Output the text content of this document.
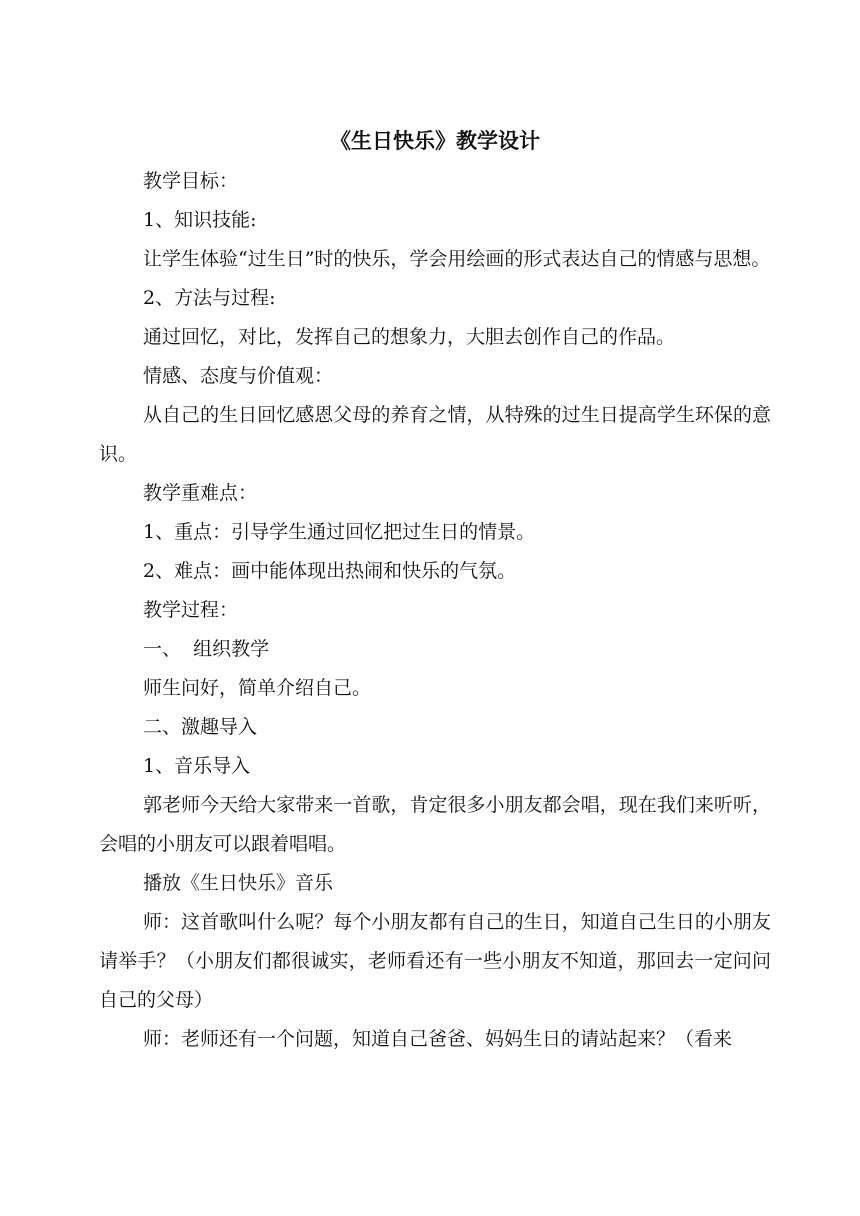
《生日快乐》教学设计

教学目标：

1、知识技能:

让学生体验“过生日”时的快乐，学会用绘画的形式表达自己的情感与思想。

2、方法与过程:

通过回忆，对比，发挥自己的想象力，大胆去创作自己的作品。

情感、态度与价值观：

从自己的生日回忆感恩父母的养育之情，从特殊的过生日提高学生环保的意识。

教学重难点：

1、重点：引导学生通过回忆把过生日的情景。

2、难点：画中能体现出热闹和快乐的气氛。

教学过程：

一、  组织教学

师生问好，简单介绍自己。

二、激趣导入

1、音乐导入

郭老师今天给大家带来一首歌，肯定很多小朋友都会唱，现在我们来听听，会唱的小朋友可以跟着唱唱。

播放《生日快乐》音乐

师：这首歌叫什么呢？每个小朋友都有自己的生日，知道自己生日的小朋友请举手？（小朋友们都很诚实，老师看还有一些小朋友不知道，那回去一定问问自己的父母）

师：老师还有一个问题，知道自己爸爸、妈妈生日的请站起来？（看来
